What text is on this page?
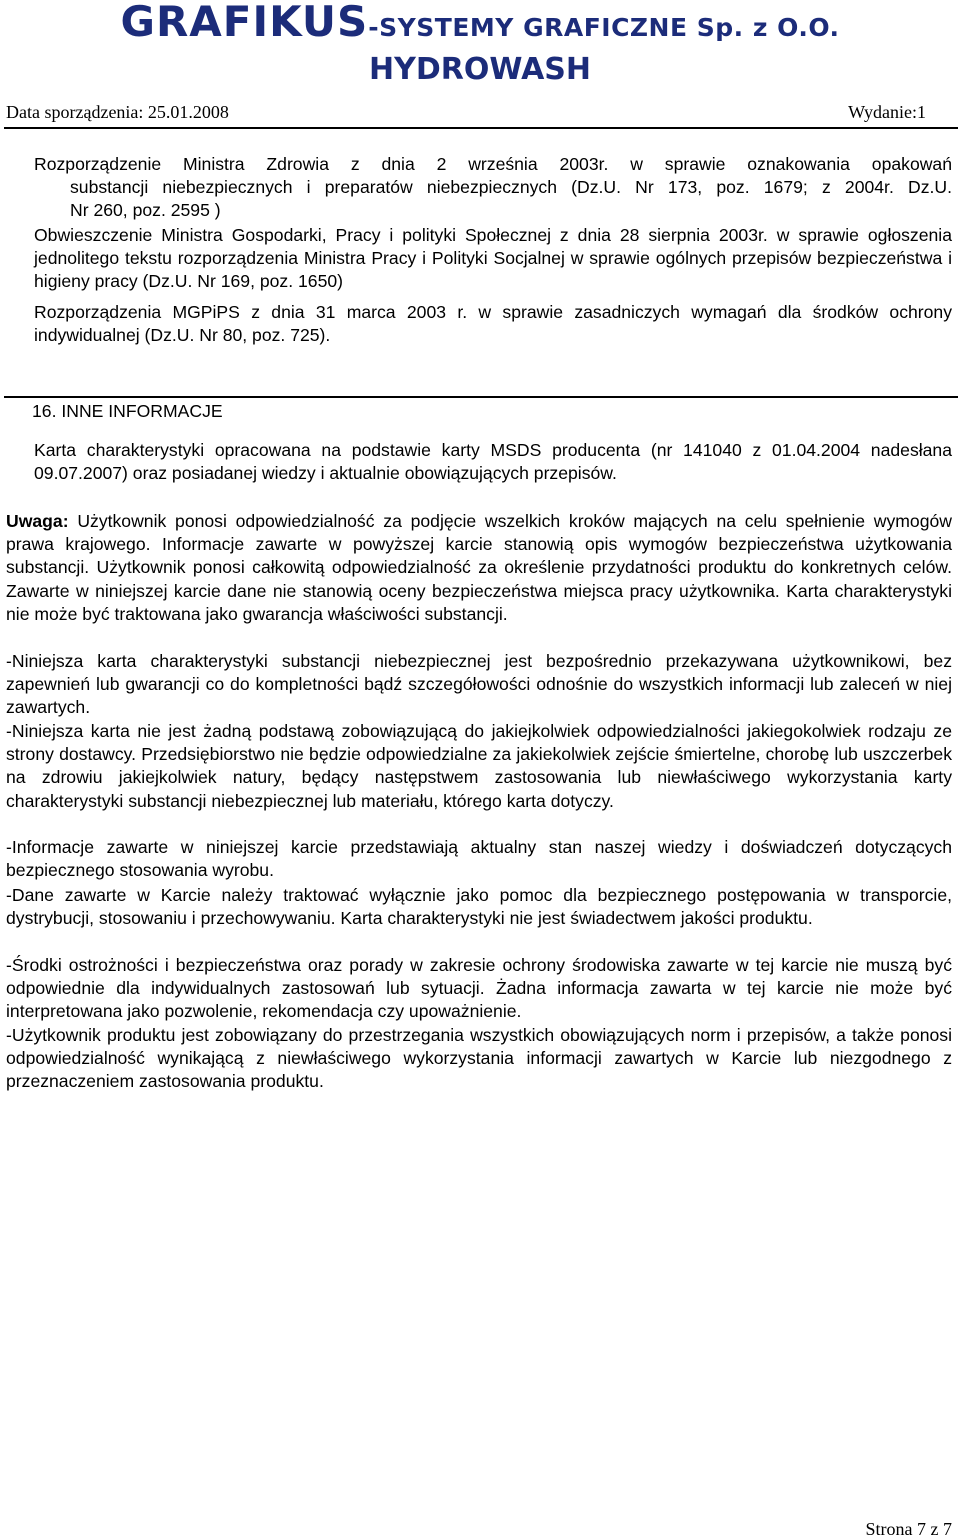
GRAFIKUS-SYSTEMY GRAFICZNE Sp. z O.O.
HYDROWASH
Data sporządzenia: 25.01.2008	Wydanie:1
Rozporządzenie Ministra Zdrowia z dnia 2 września 2003r. w sprawie oznakowania opakowań
substancji niebezpiecznych i preparatów niebezpiecznych (Dz.U. Nr 173, poz. 1679; z 2004r. Dz.U.
Nr 260, poz. 2595 )
Obwieszczenie Ministra Gospodarki, Pracy i polityki Społecznej z dnia 28 sierpnia 2003r. w sprawie ogłoszenia jednolitego tekstu rozporządzenia Ministra Pracy i Polityki Socjalnej w sprawie ogólnych przepisów bezpieczeństwa i higieny pracy (Dz.U. Nr 169, poz. 1650)
Rozporządzenia MGPiPS z dnia 31 marca 2003 r. w sprawie zasadniczych wymagań dla środków ochrony indywidualnej (Dz.U. Nr 80, poz. 725).
16. INNE INFORMACJE
Karta charakterystyki opracowana na podstawie karty MSDS producenta (nr 141040 z 01.04.2004 nadesłana 09.07.2007) oraz posiadanej wiedzy i aktualnie obowiązujących przepisów.
Uwaga: Użytkownik ponosi odpowiedzialność za podjęcie wszelkich kroków mających na celu spełnienie wymogów prawa krajowego. Informacje zawarte w powyższej karcie stanowią opis wymogów bezpieczeństwa użytkowania substancji. Użytkownik ponosi całkowitą odpowiedzialność za określenie przydatności produktu do konkretnych celów. Zawarte w niniejszej karcie dane nie stanowią oceny bezpieczeństwa miejsca pracy użytkownika. Karta charakterystyki nie może być traktowana jako gwarancja właściwości substancji.
-Niniejsza karta charakterystyki substancji niebezpiecznej jest bezpośrednio przekazywana użytkownikowi, bez zapewnień lub gwarancji co do kompletności bądź szczegółowości odnośnie do wszystkich informacji lub zaleceń w niej zawartych.
-Niniejsza karta nie jest żadną podstawą zobowiązującą do jakiejkolwiek odpowiedzialności jakiegokolwiek rodzaju ze strony dostawcy. Przedsiębiorstwo nie będzie odpowiedzialne za jakiekolwiek zejście śmiertelne, chorobę lub uszczerbek na zdrowiu jakiejkolwiek natury, będący następstwem zastosowania lub niewłaściwego wykorzystania karty charakterystyki substancji niebezpiecznej lub materiału, którego karta dotyczy.
-Informacje zawarte w niniejszej karcie przedstawiają aktualny stan naszej wiedzy i doświadczeń dotyczących bezpiecznego stosowania wyrobu.
-Dane zawarte w Karcie należy traktować wyłącznie jako pomoc dla bezpiecznego postępowania w transporcie, dystrybucji, stosowaniu i przechowywaniu. Karta charakterystyki nie jest świadectwem jakości produktu.
-Środki ostrożności i bezpieczeństwa oraz porady w zakresie ochrony środowiska zawarte w tej karcie nie muszą być odpowiednie dla indywidualnych zastosowań lub sytuacji. Żadna informacja zawarta w tej karcie nie może być interpretowana jako pozwolenie, rekomendacja czy upoważnienie.
-Użytkownik produktu jest zobowiązany do przestrzegania wszystkich obowiązujących norm i przepisów, a także ponosi odpowiedzialność wynikającą z niewłaściwego wykorzystania informacji zawartych w Karcie lub niezgodnego z przeznaczeniem zastosowania produktu.
Strona 7 z 7
